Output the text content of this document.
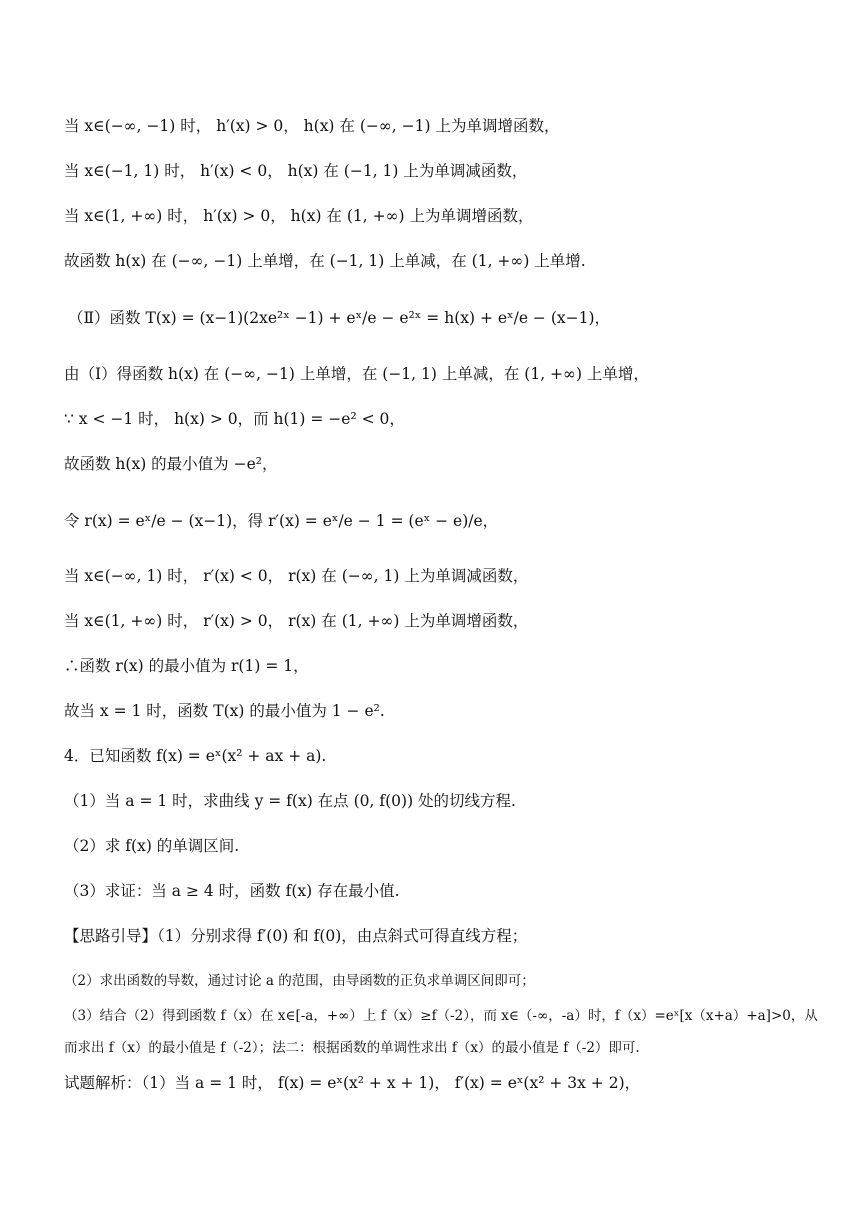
当 x∈(−∞, −1) 时， h′(x) > 0， h(x) 在 (−∞, −1) 上为单调增函数，
当 x∈(−1, 1) 时， h′(x) < 0， h(x) 在 (−1, 1) 上为单调减函数，
当 x∈(1, +∞) 时， h′(x) > 0， h(x) 在 (1, +∞) 上为单调增函数，
故函数 h(x) 在 (−∞, −1) 上单增，在 (−1, 1) 上单减，在 (1, +∞) 上单增.
（Ⅱ）函数 T(x) = (x−1)(2xe²ˣ −1) + eˣ/e − e²ˣ = h(x) + eˣ/e − (x−1)，
由（Ⅰ）得函数 h(x) 在 (−∞, −1) 上单增，在 (−1, 1) 上单减，在 (1, +∞) 上单增，
∵ x < −1 时， h(x) > 0，而 h(1) = −e² < 0，
故函数 h(x) 的最小值为 −e²，
令 r(x) = eˣ/e − (x−1)，得 r′(x) = eˣ/e − 1 = (eˣ − e)/e，
当 x∈(−∞, 1) 时， r′(x) < 0， r(x) 在 (−∞, 1) 上为单调减函数，
当 x∈(1, +∞) 时， r′(x) > 0， r(x) 在 (1, +∞) 上为单调增函数，
∴函数 r(x) 的最小值为 r(1) = 1，
故当 x = 1 时，函数 T(x) 的最小值为 1 − e².
4．已知函数 f(x) = eˣ(x² + ax + a).
（1）当 a = 1 时，求曲线 y = f(x) 在点 (0, f(0)) 处的切线方程.
（2）求 f(x) 的单调区间.
（3）求证：当 a ≥ 4 时，函数 f(x) 存在最小值.
【思路引导】（1）分别求得 f′(0) 和 f(0)，由点斜式可得直线方程；
（2）求出函数的导数，通过讨论 a 的范围，由导函数的正负求单调区间即可；
（3）结合（2）得到函数 f（x）在 x∈[-a，+∞）上 f（x）≥f（-2），而 x∈（-∞，-a）时，f（x）=eˣ[x（x+a）+a]>0，从而求出 f（x）的最小值是 f（-2）；法二：根据函数的单调性求出 f（x）的最小值是 f（-2）即可.
试题解析：（1）当 a = 1 时， f(x) = eˣ(x² + x + 1)， f′(x) = eˣ(x² + 3x + 2)，
